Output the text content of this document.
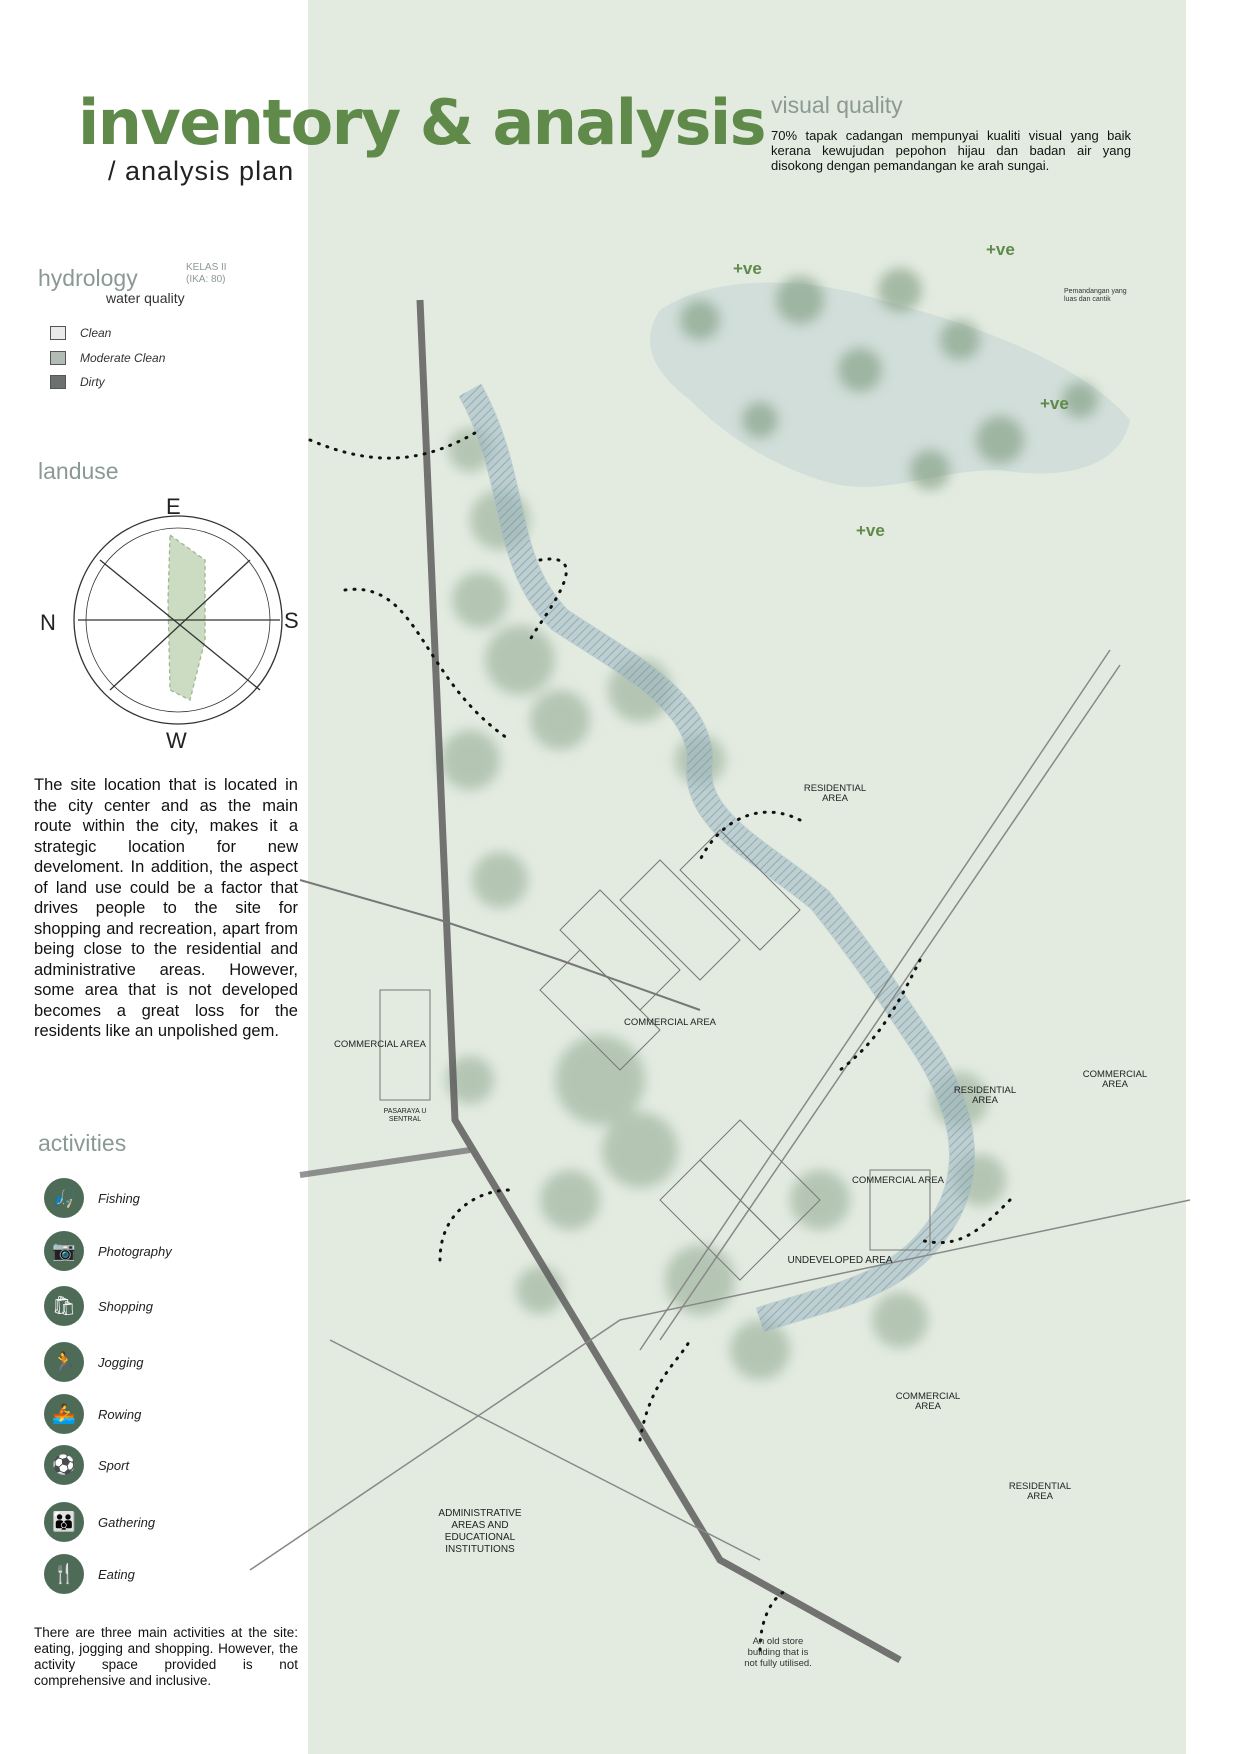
inventory & analysis
/ analysis plan
visual quality
70% tapak cadangan mempunyai kualiti visual yang baik kerana kewujudan pepohon hijau dan badan air yang disokong dengan pemandangan ke arah sungai.
+ve
+ve
+ve
+ve
Pemandangan yang luas dan cantik
hydrology	KELAS II
(IKA: 80)
water quality
Clean
Moderate Clean
Dirty
landuse
E
N	S
W
The site location that is located in the city center and as the main route within the city, makes it a strategic location for new develoment. In addition, the aspect of land use could be a factor that drives people to the site for shopping and recreation, apart from being close to the residential and administrative areas. However, some area that is not developed becomes a great loss for the residents like an unpolished gem.
activities
🎣	Fishing
📷	Photography
🛍	Shopping
🏃	Jogging
🚣	Rowing
⚽	Sport
👪	Gathering
🍴	Eating
There are three main activities at the site: eating, jogging and shopping. However, the activity space provided is not comprehensive and inclusive.
RESIDENTIAL AREA
COMMERCIAL AREA
COMMERCIAL AREA
PASARAYA U SENTRAL
RESIDENTIAL AREA
COMMERCIAL AREA
COMMERCIAL AREA
UNDEVELOPED AREA
COMMERCIAL AREA
RESIDENTIAL AREA
ADMINISTRATIVE AREAS AND EDUCATIONAL INSTITUTIONS
An old store building that is not fully utilised.
